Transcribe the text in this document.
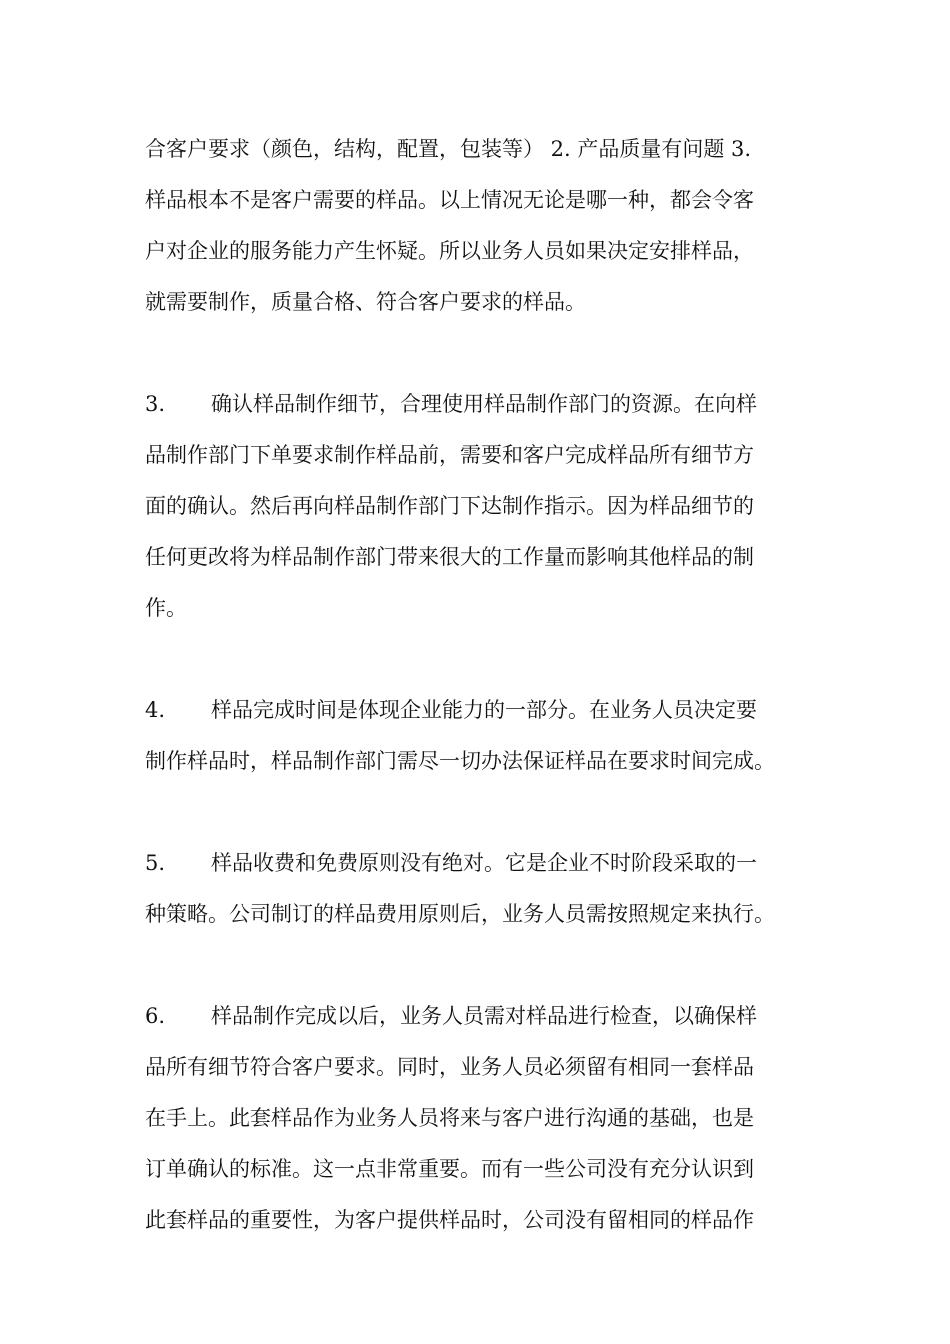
合客户要求（颜色，结构，配置，包装等） 2. 产品质量有问题 3.
样品根本不是客户需要的样品。以上情况无论是哪一种，都会令客
户对企业的服务能力产生怀疑。所以业务人员如果决定安排样品，
就需要制作，质量合格、符合客户要求的样品。
3. 确认样品制作细节，合理使用样品制作部门的资源。在向样
品制作部门下单要求制作样品前，需要和客户完成样品所有细节方
面的确认。然后再向样品制作部门下达制作指示。因为样品细节的
任何更改将为样品制作部门带来很大的工作量而影响其他样品的制
作。
4. 样品完成时间是体现企业能力的一部分。在业务人员决定要
制作样品时，样品制作部门需尽一切办法保证样品在要求时间完成。
5. 样品收费和免费原则没有绝对。它是企业不时阶段采取的一
种策略。公司制订的样品费用原则后，业务人员需按照规定来执行。
6. 样品制作完成以后，业务人员需对样品进行检查，以确保样
品所有细节符合客户要求。同时，业务人员必须留有相同一套样品
在手上。此套样品作为业务人员将来与客户进行沟通的基础，也是
订单确认的标准。这一点非常重要。而有一些公司没有充分认识到
此套样品的重要性，为客户提供样品时，公司没有留相同的样品作
